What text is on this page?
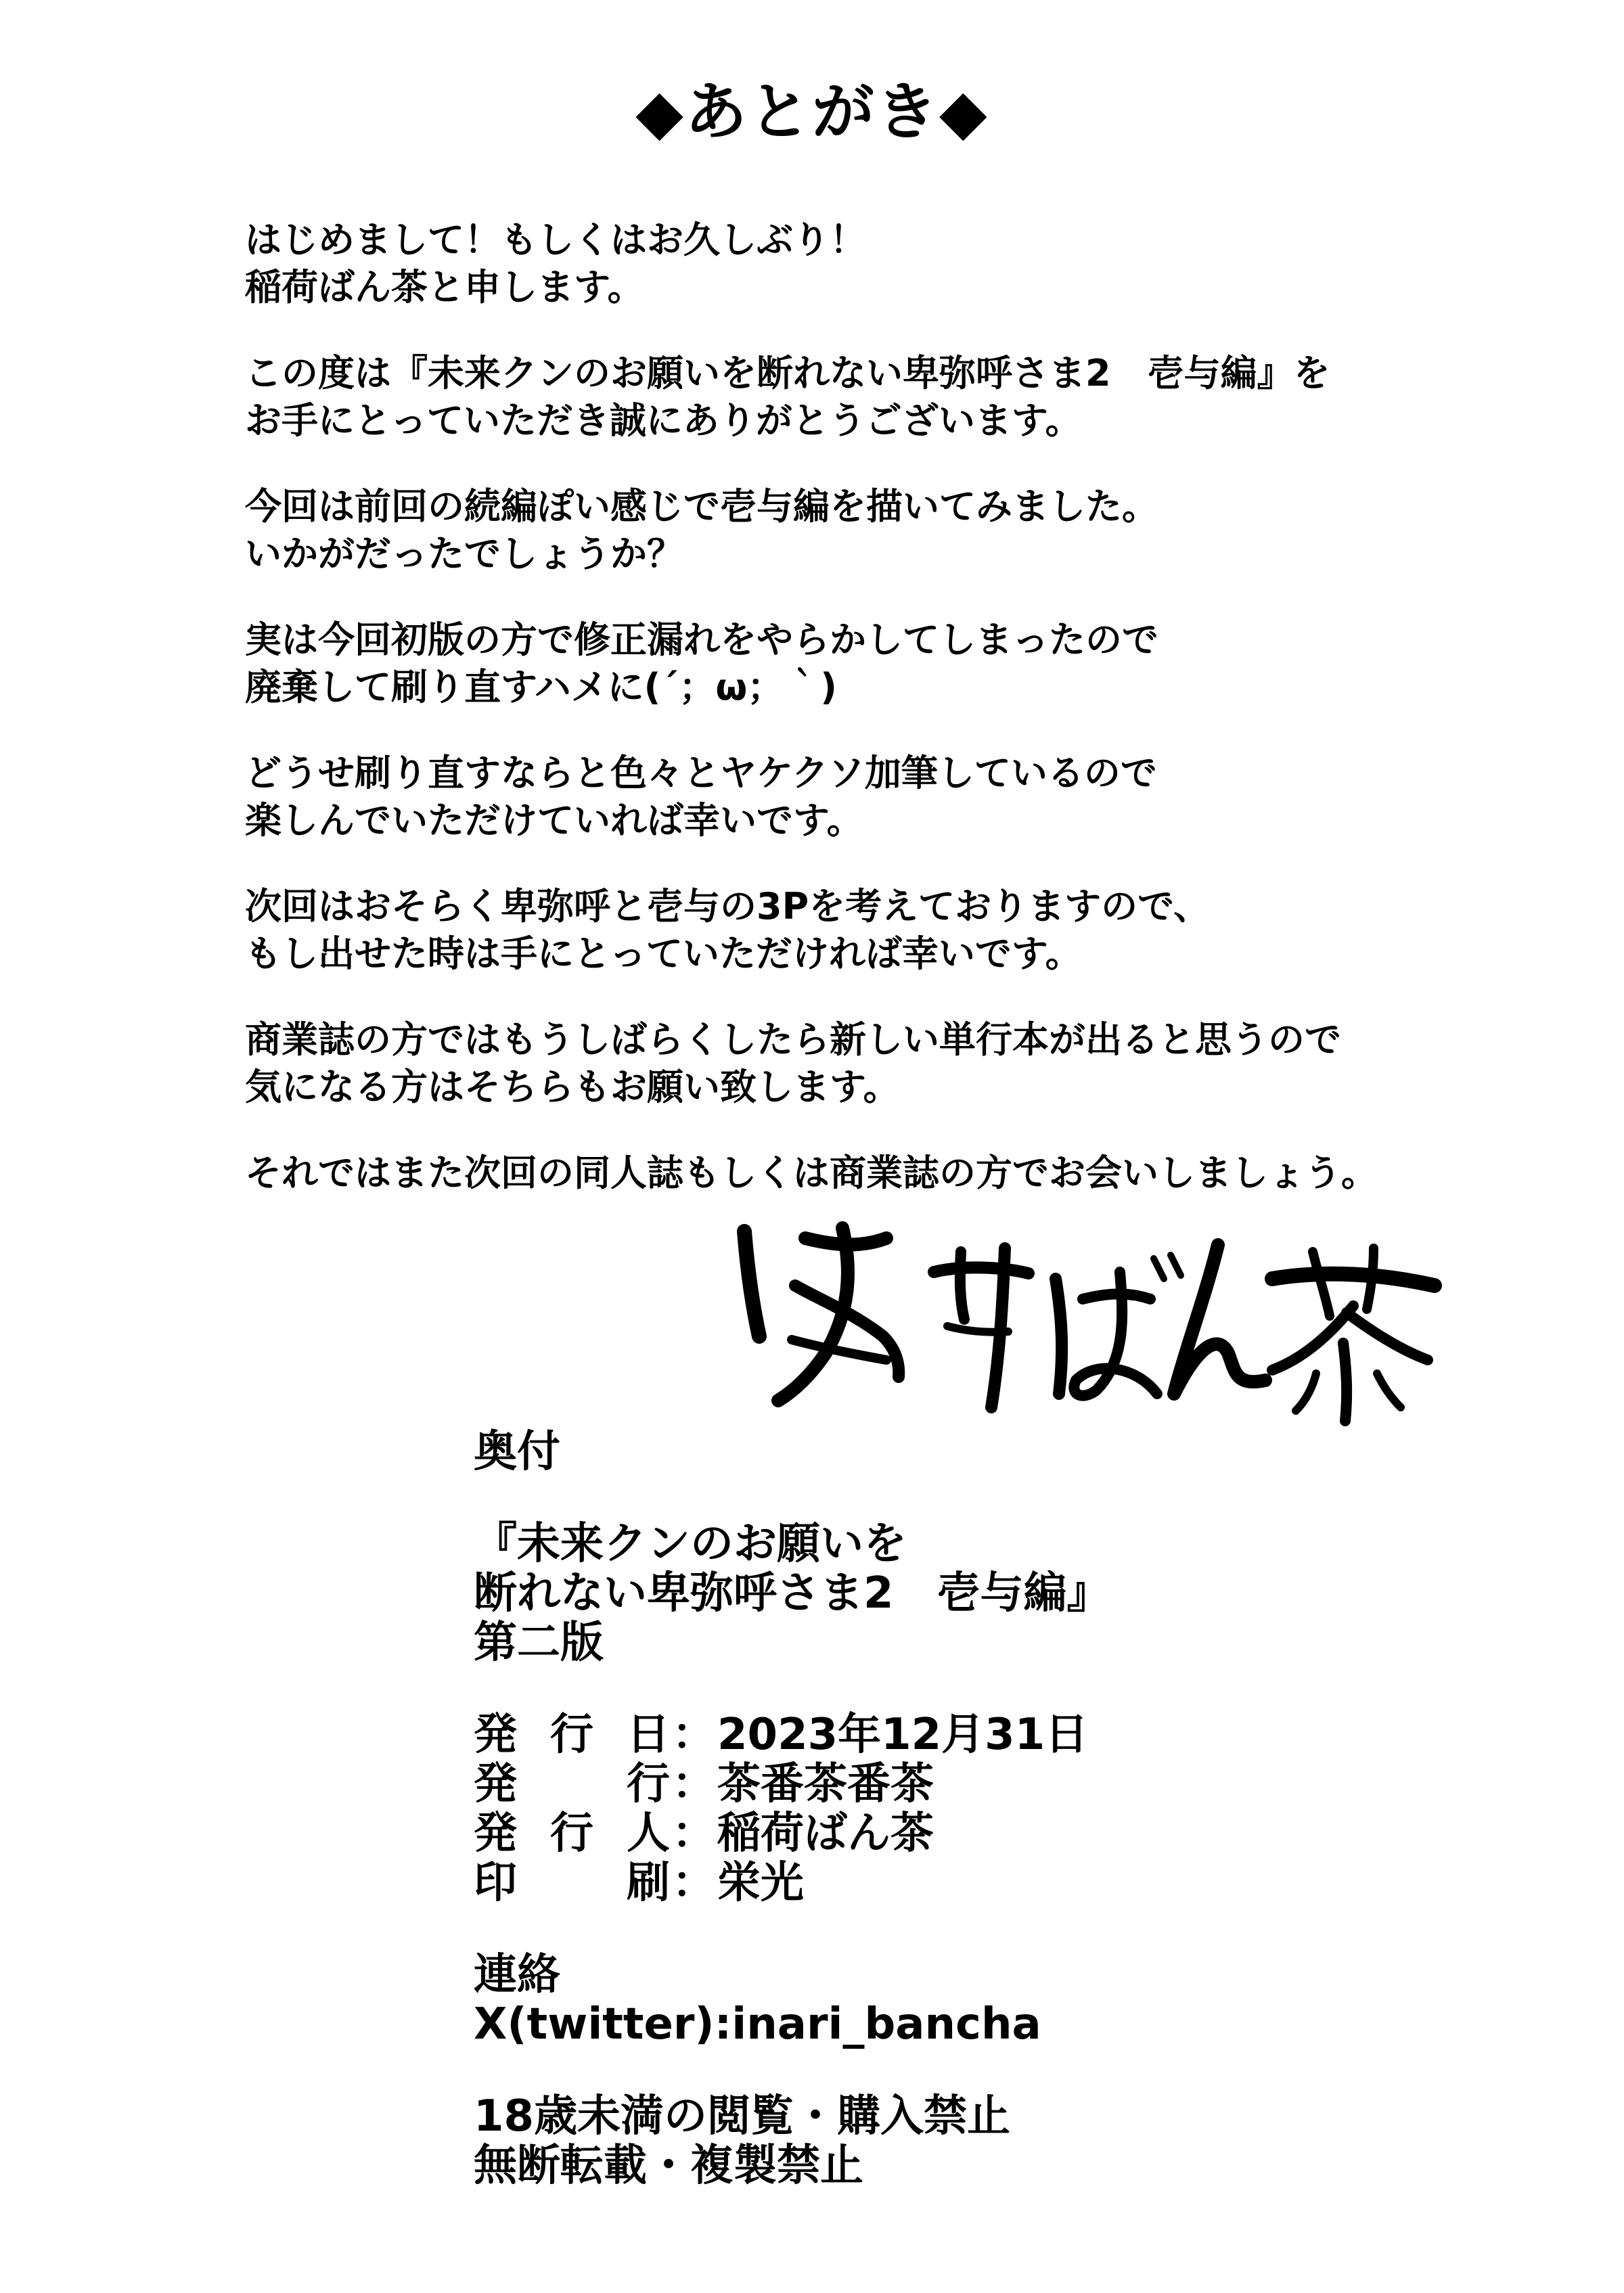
◆あとがき◆

はじめまして！もしくはお久しぶり！
稲荷ばん茶と申します。

この度は『未来クンのお願いを断れない卑弥呼さま2　壱与編』を
お手にとっていただき誠にありがとうございます。

今回は前回の続編ぽい感じで壱与編を描いてみました。
いかがだったでしょうか？

実は今回初版の方で修正漏れをやらかしてしまったので
廃棄して刷り直すハメに(´；ω；｀)

どうせ刷り直すならと色々とヤケクソ加筆しているので
楽しんでいただけていれば幸いです。

次回はおそらく卑弥呼と壱与の3Pを考えておりますので、
もし出せた時は手にとっていただければ幸いです。

商業誌の方ではもうしばらくしたら新しい単行本が出ると思うので
気になる方はそちらもお願い致します。

それではまた次回の同人誌もしくは商業誌の方でお会いしましょう。

奥付
『未来クンのお願いを
断れない卑弥呼さま2　壱与編』
第二版
発行日 ： 2023年12月31日
発行 ： 茶番茶番茶
発行人 ： 稲荷ばん茶
印刷 ： 栄光
連絡
X(twitter):inari_bancha
18歳未満の閲覧・購入禁止
無断転載・複製禁止
